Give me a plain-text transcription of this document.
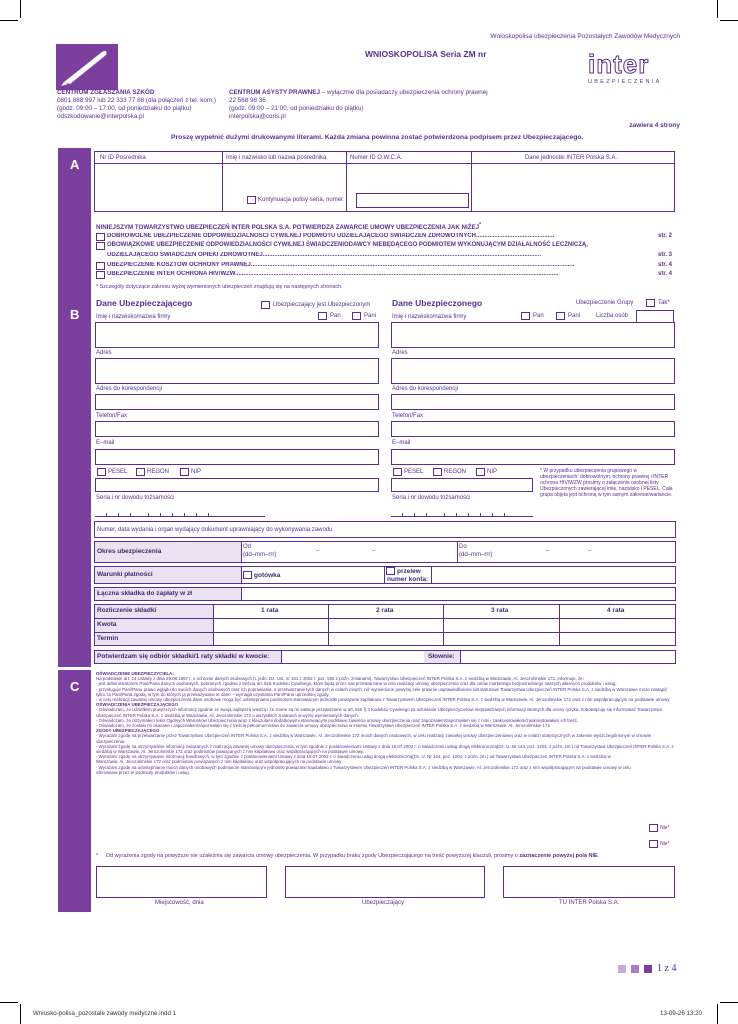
Wnioskopolisa ubezpieczenia Pozostałych Zawodów Medycznych
WNIOSKOPOLISA Seria ZM nr	inter
UBEZPIECZENIA
CENTRUM ZGŁASZANIA SZKÓD
0801 888 997 lub 22 333 77 88 (dla połączeń z tel. kom.)
(godz. 09:00 – 17:00, od poniedziałku do piątku)
odszkodowanie@interpolska.pl
CENTRUM ASYSTY PRAWNEJ – wyłącznie dla posiadaczy ubezpieczenia ochrony prawnej
22 568 98 36
(godz. 09:00 – 21:00, od poniedziałku do piątku)
interpolska@coris.pl
zawiera 4 strony
Proszę wypełnić dużymi drukowanymi literami. Każda zmiana powinna zostać potwierdzona podpisem przez Ubezpieczającego.
A	Nr ID Pośrednika	Imię i nazwisko lub nazwa pośrednika	Numer ID O.W.C.A.	Dane jednostki INTER Polska S.A.
Kontynuacja polisy seria, numer:
NINIEJSZYM TOWARZYSTWO UBEZPIECZEŃ INTER POLSKA S.A. POTWIERDZA ZAWARCIE UMOWY UBEZPIECZENIA JAK NIŻEJ*
DOBROWOLNE UBEZPIECZENIE ODPOWIEDZIALNOŚCI CYWILNEJ PODMIOTU UDZIELAJĄCEGO ŚWIADCZEŃ ZDROWOTNYCH...............................................	str. 2
OBOWIĄZKOWE UBEZPIECZENIE ODPOWIEDZIALNOŚCI CYWILNEJ ŚWIADCZENIODAWCY NIEBĘDĄCEGO PODMIOTEM WYKONUJĄCYM DZIAŁALNOŚĆ LECZNICZĄ,
UDZIELAJĄCEGO ŚWIADCZEŃ OPIEKI ZDROWOTNEJ.......................................................................................................................................................................	str. 3
UBEZPIECZENIE KOSZTÓW OCHRONY PRAWNEJ..................................................................................................................................................................................................	str. 4
UBEZPIECZENIE INTER OCHRONA HIV/WZW..................................................................................................................................................................................................	str. 4
* Szczegóły dotyczące zakresu wyżej wymienionych ubezpieczeń znajdują się na następnych stronach.
B
Dane Ubezpieczającego	Ubezpieczający jest Ubezpieczonym
Pan	Pani
Dane Ubezpieczonego	Ubezpieczenie Grupy	Tak*
Pan	Pani	Liczba osób
Imię i nazwisko/nazwa firmy
Adres
Adres do korespondencji
Telefon/Fax
E–mail
PESEL	REGON	NIP
Seria i nr dowodu tożsamości
Imię i nazwisko/nazwa firmy
Adres
Adres do korespondencji
Telefon/Fax
E–mail
PESEL	REGON	NIP
Seria i nr dowodu tożsamości
* W przypadku ubezpieczenia grupowego w ubezpieczeniach: dobrowolnym, ochrony prawnej i INTER ochrona HIV/WZW prosimy o załączenie osobnej listy Ubezpieczonych zawierającej imię, nazwisko i PESEL. Cała grupa objęta jest ochroną w tym samym zakresie/wariancie.
Numer, data wydania i organ wydający dokument uprawniający do wykonywania zawodu
Okres ubezpieczenia
Od
(dd–mm–rrr)
–	–
Do
(dd–mm–rrr)
–	–
Warunki płatności	gotówka
przelew
numer konta:
Łączna składka do zapłaty w zł
Rozliczenie składki	1 rata	2 rata	3 rata	4 rata
Kwota
Termin
Potwierdzam się odbiór składki/1 raty składki w kwocie:	Słownie:
C
OŚWIADCZENIE UBEZPIECZYCIELA:
Na podstawie art. 24 Ustawy z dnia 29.08.1997 r. o ochronie danych osobowych (t. jedn. Dz. Ust. nr 101 z 2002 r. poz. 926 z późn. zmianami), Towarzystwo Ubezpieczeń INTER Polska S.A. z siedzibą w Warszawie, Al. Jerozolimskie 172, informuje, że:
- jest administratorem Pani/Pana danych osobowych, pobranych zgodnie z treścią art. 815 Kodeksu Cywilnego, które będą przez nas przetwarzane w celu realizacji umowy ubezpieczenia oraz dla celów marketingu bezpośredniego naszych własnych produktów i usług,
- przysługuje Pani/Panu prawo wglądu do swoich danych osobowych oraz ich poprawiania, a przetwarzanie tych danych w celach innych, niż wymienione powyżej cele prawnie usprawiedliwione lub statutowe Towarzystwa Ubezpieczeń INTER Polska S.A. z siedzibą w Warszawie może nastąpić tylko za Pani/Pana zgodą, w tym do których ją przekazywane te dane – wymaga uzyskania Pani/Pana uprzedniej zgody.
- w celu realizacji zawartej umowy ubezpieczenia dane osobowe mogą być udostępniane podmiotom stanowiącym jednostki powiązane kapitałowo z Towarzystwem Ubezpieczeń INTER Polska S.A. z siedzibą w Warszawie, Al. Jerozolimskie 172 oraz z nim współpracującym na podstawie umowy.
OŚWIADCZENIA UBEZPIECZAJĄCEGO
- Oświadczam, że udzieliłem powyższych informacji zgodnie ze swoją najlepszą wiedzą i że znane są mi sankcje przewidziane w art. 815 § 3 Kodeksu Cywilnego za udzielanie Ubezpieczycielowi nieprawdziwych informacji istotnych dla oceny ryzyka. Zobowiązuję się informować Towarzystwo Ubezpieczeń INTER Polska S.A. z siedzibą w Warszawie, Al. Jerozolimskie 172 o wszystkich zmianach w wyżej wymienionych danych.
- Oświadczam, że otrzymałem tekst Ogólnych Warunków Ubezpieczenia wraz z klauzulami dodatkowymi stanowiącymi podstawę zawarcia umowy ubezpieczenia oraz zapoznałem/zapoznałam się z nimi i zaakceptowałem/zaakceptowałam ich treść.
- Oświadczam, że zostało mi okazane i zapoznałem/zapoznałam się z treścią pełnomocnictwa do zawarcia umowy ubezpieczenia w imieniu Towarzystwa Ubezpieczeń INTER Polska S.A. z siedzibą w Warszawie, Al. Jerozolimskie 172
ZGODY UBEZPIECZAJĄCEGO
- Wyrażam zgodę na przetwarzanie przez Towarzystwo Ubezpieczeń INTER Polska S.A. z siedzibą w Warszawie, Al. Jerozolimskie 172 moich danych osobowych, w celu realizacji zawartej umowy ubezpieczeniowej oraz w celach statystycznych w zakresie wyszczególnionym w umowie ubezpieczenia.
- Wyrażam zgodę na otrzymywanie informacji związanych z realizacją zawartej umowy ubezpieczenia, w tym zgodnie z postanowieniami Ustawy z dnia 18.07.2002 r. o świadczeniu usług drogą elektroniczną(Dz. U. Nr 144, poz. 1204, z późn. zm.) od Towarzystwa Ubezpieczeń INTER Polska S.A. z siedzibą w Warszawie, Al. Jerozolimskie 172 oraz podmiotów powiązanych z nim kapitałowo oraz współpracujących na podstawie umowy.
- Wyrażam zgodę na otrzymywanie informacji handlowych, w tym zgodnie z postanowieniami Ustawy z dnia 18.07.2002 r. o świadczeniu usług drogą elektroniczną(Dz. U. Nr 144, poz. 1204, z późn. zm.) od Towarzystwa Ubezpieczeń INTER Polska S.A. z siedzibą w Warszawie, Al. Jerozolimskie 172 oraz podmiotów powiązanych z nim kapitałowo oraz współpracujących na podstawie umowy.
- Wyrażam zgodę na udostępnianie moich danych osobowych podmiotom stanowiącym jednostki powiązane kapitałowo z Towarzystwem Ubezpieczeń INTER Polska S.A. z siedzibą w Warszawie, Al. Jerozolimskie 172 oraz z nim współpracującym na podstawie umowy w celu oferowania przez te podmioty produktów i usług.
Nie*
Nie*
*     Od wyrażenia zgody na powyższe nie uzależnia się zawarcia umowy ubezpieczenia. W przypadku braku zgody Ubezpieczającego na treść powyższej klauzuli, prosimy o zaznaczenie powyżej pola NIE.
Miejscowość, dnia	Ubezpieczający	TU INTER Polska S.A.
1 z 4
Wniosko-polisa_pozostale zawody medyczne.indd 1	13-09-26 13:20
